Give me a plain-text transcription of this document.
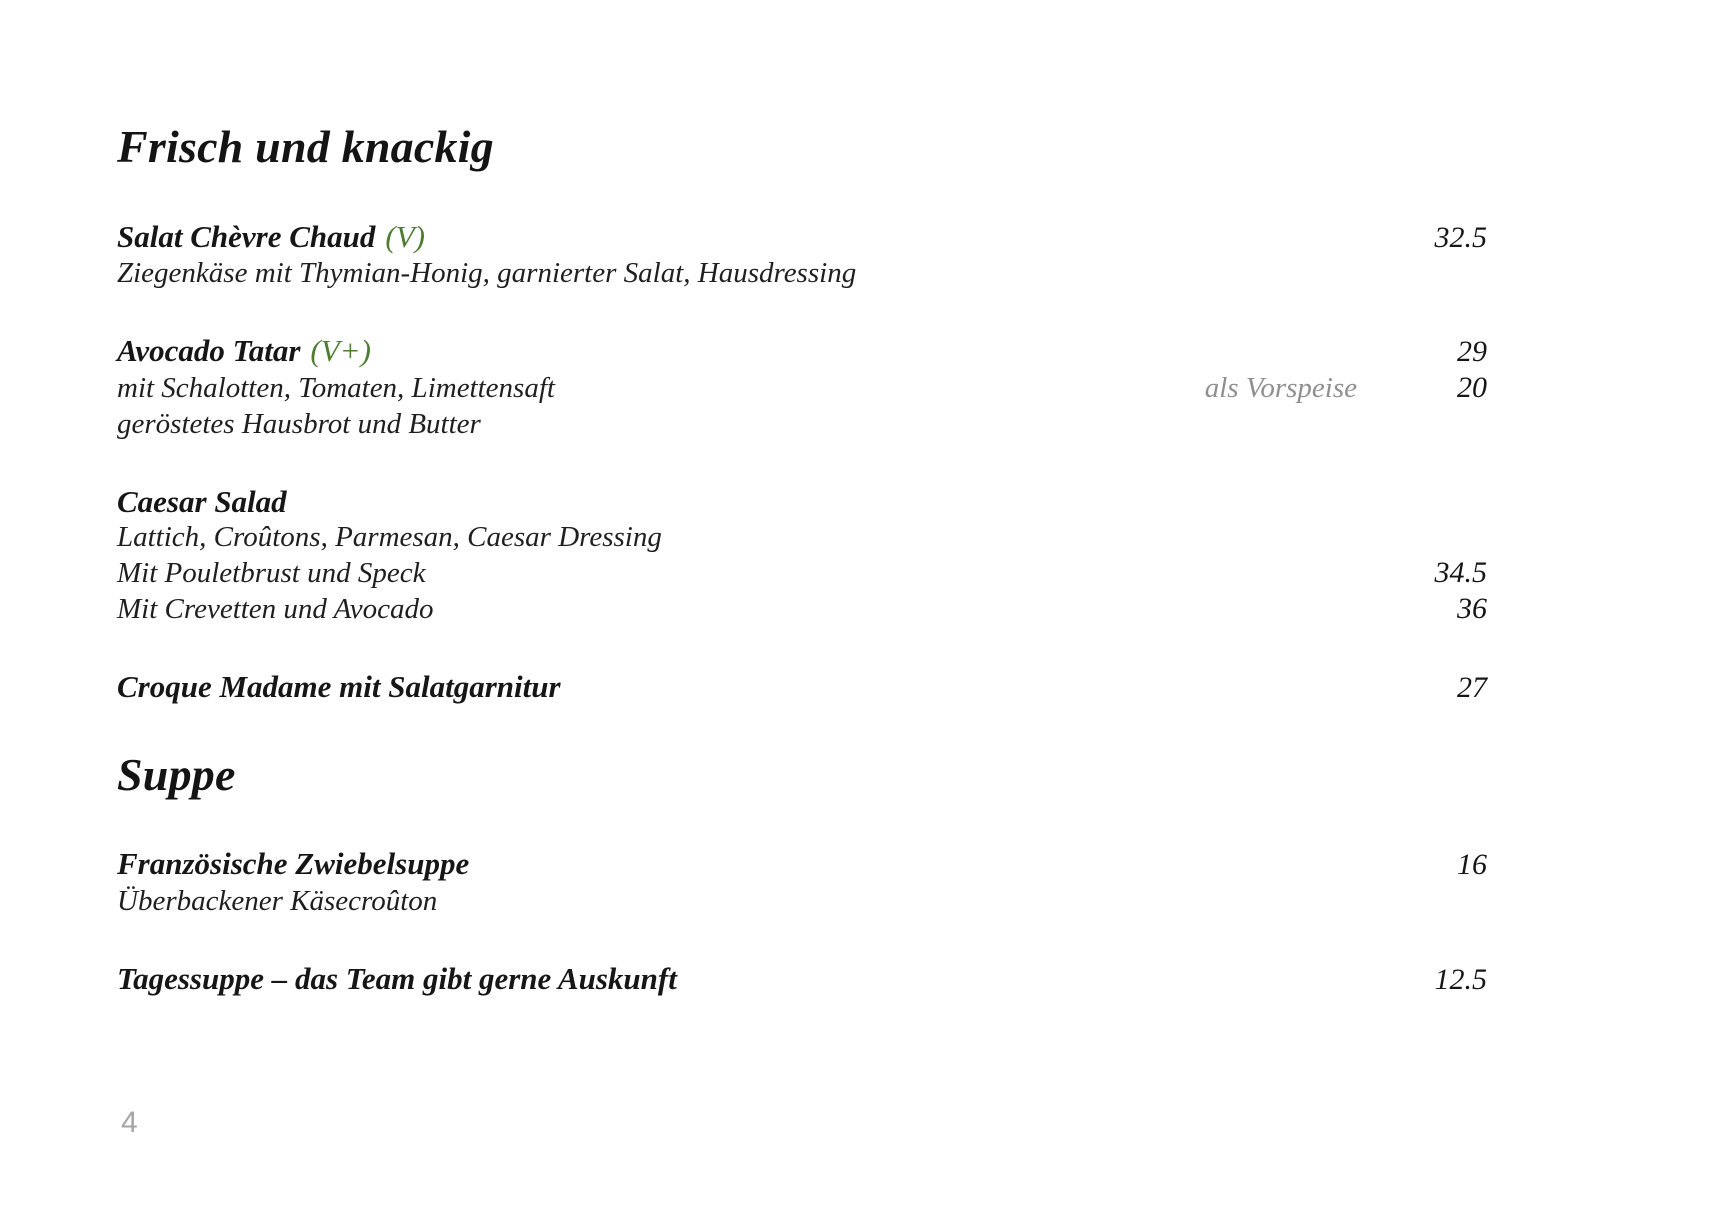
Frisch und knackig
Salat Chèvre Chaud (V)	32.5
Ziegenkäse mit Thymian-Honig, garnierter Salat, Hausdressing
Avocado Tatar (V+)	29
mit Schalotten, Tomaten, Limettensaft	als Vorspeise	20
geröstetes Hausbrot und Butter
Caesar Salad
Lattich, Croûtons, Parmesan, Caesar Dressing
Mit Pouletbrust und Speck	34.5
Mit Crevetten und Avocado	36
Croque Madame mit Salatgarnitur	27
Suppe
Französische Zwiebelsuppe	16
Überbackener Käsecroûton
Tagessuppe – das Team gibt gerne Auskunft	12.5
4
